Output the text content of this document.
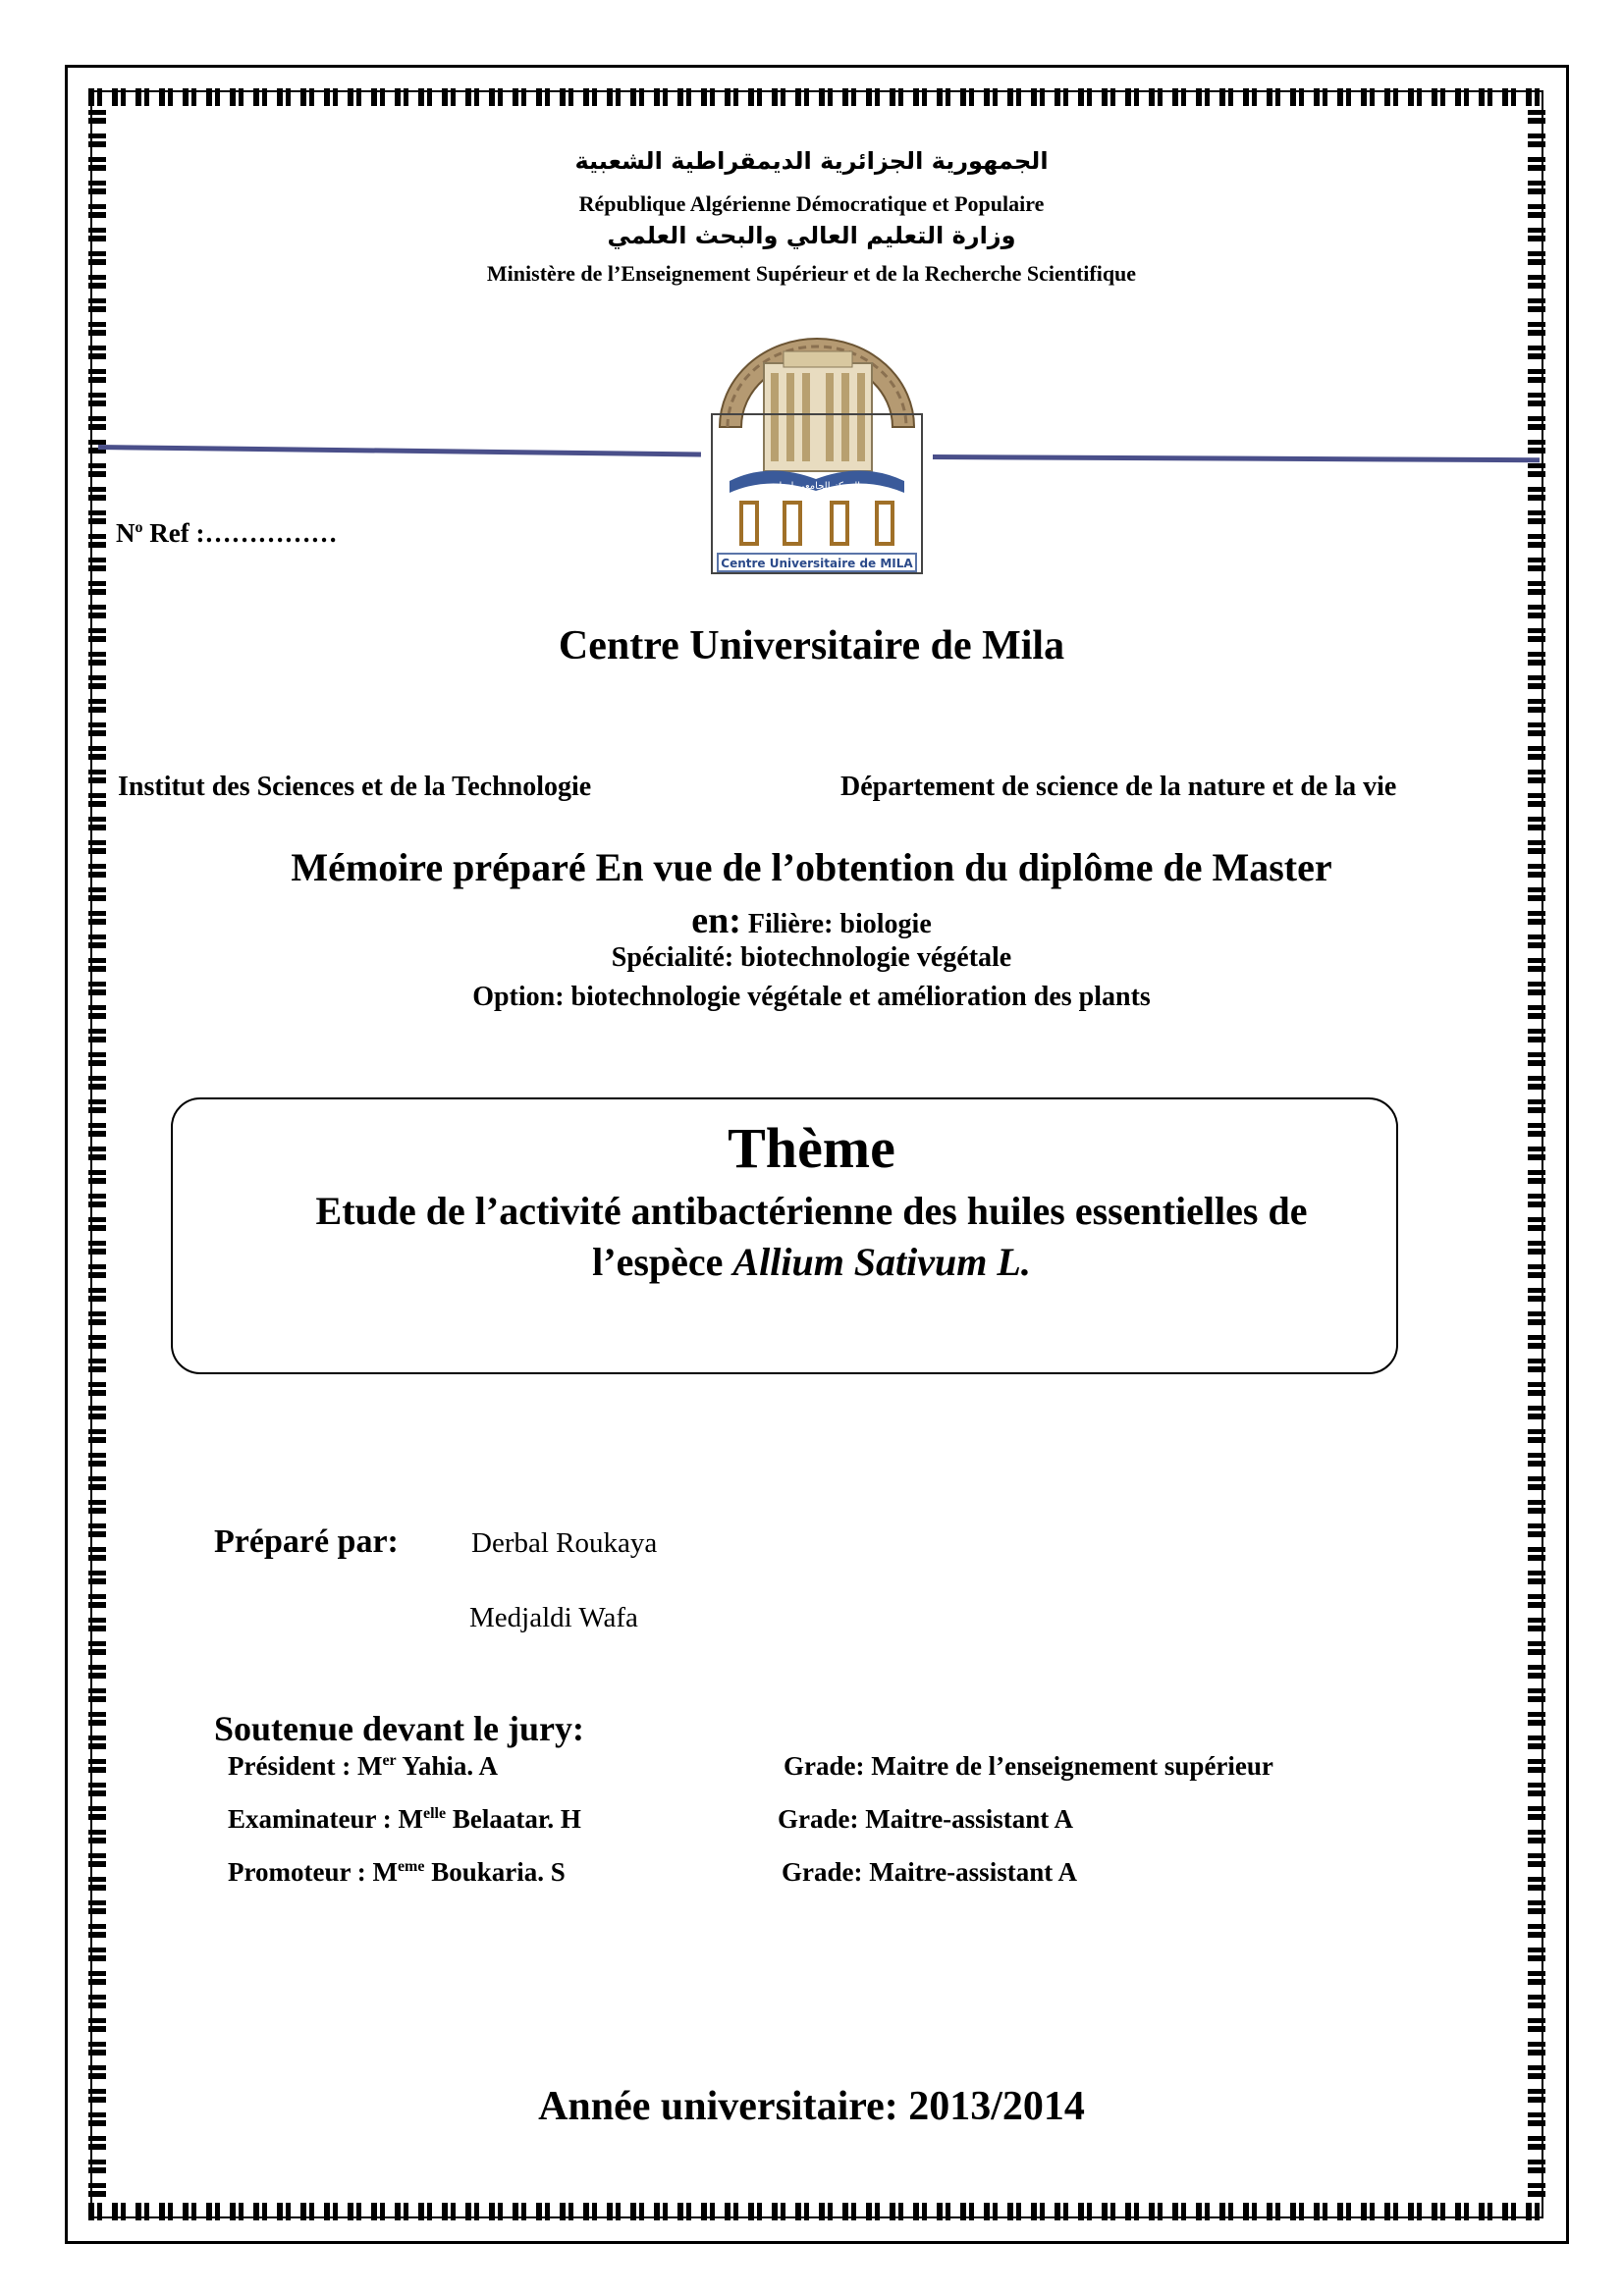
الجمهورية الجزائرية الديمقراطية الشعبية
République Algérienne Démocratique et Populaire
وزارة التعليم العالي والبحث العلمي
Ministère de l’Enseignement Supérieur et de la Recherche Scientifique
المركز الجامعي لميلة
Centre Universitaire de MILA
$N^o$ Ref :……………
Centre Universitaire de Mila
Institut des Sciences et de la Technologie	Département de science de la nature et de la vie
Mémoire préparé En vue de l’obtention du diplôme de Master
en: Filière: biologie
Spécialité: biotechnologie végétale
Option: biotechnologie végétale et amélioration des plants
Thème
Etude de l’activité antibactérienne des huiles essentielles de
l’espèce Allium Sativum L.
Préparé par:	Derbal Roukaya
Medjaldi Wafa
Soutenue devant le jury:
Président : Mer Yahia. A	Grade: Maitre de l’enseignement supérieur
Examinateur : $M^{elle}$ Belaatar. H	Grade: Maitre-assistant A
Promoteur : Meme Boukaria. S	Grade: Maitre-assistant A
Année universitaire: 2013/2014
